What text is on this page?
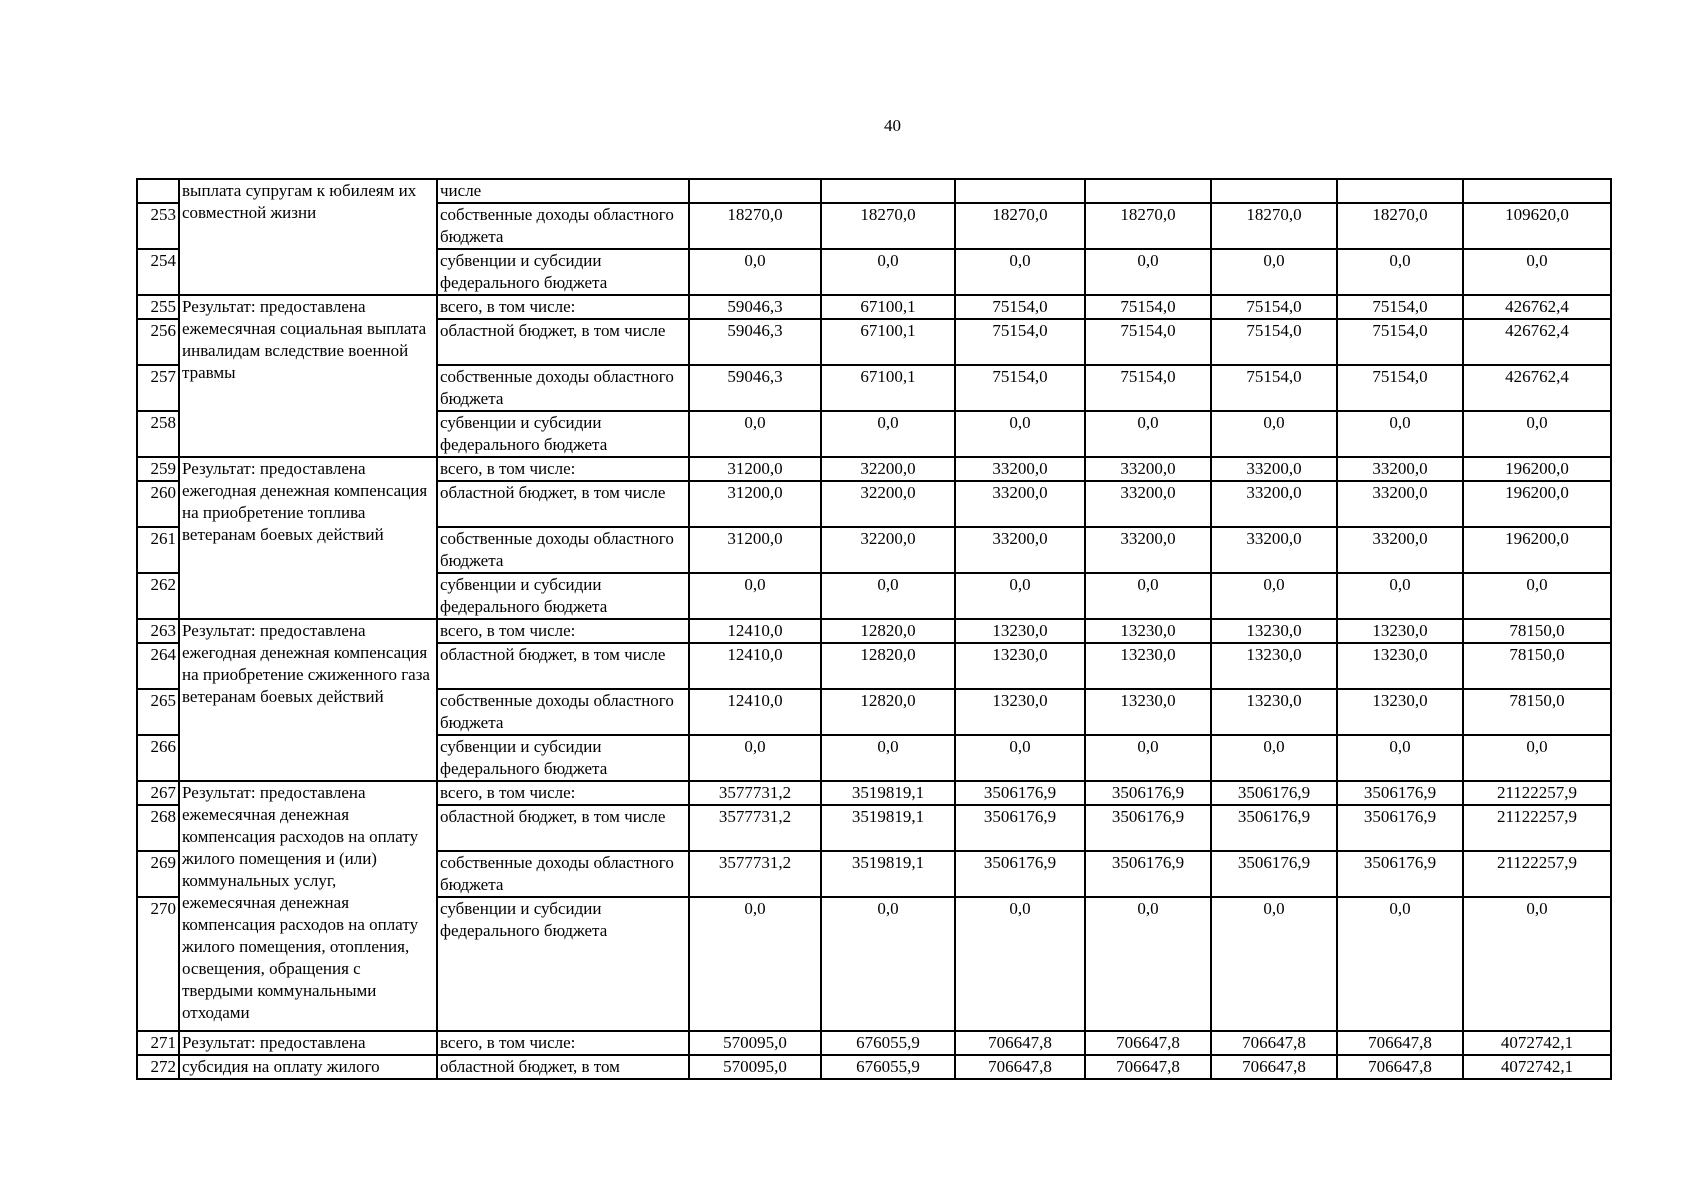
40
	выплата супругам к юбилеям их совместной жизни	числе							
253		собственные доходы областного бюджета	18270,0	18270,0	18270,0	18270,0	18270,0	18270,0	109620,0
254		субвенции и субсидии федерального бюджета	0,0	0,0	0,0	0,0	0,0	0,0	0,0
255	Результат: предоставлена ежемесячная социальная выплата инвалидам вследствие военной травмы	всего, в том числе:	59046,3	67100,1	75154,0	75154,0	75154,0	75154,0	426762,4
256		областной бюджет, в том числе	59046,3	67100,1	75154,0	75154,0	75154,0	75154,0	426762,4
257		собственные доходы областного бюджета	59046,3	67100,1	75154,0	75154,0	75154,0	75154,0	426762,4
258		субвенции и субсидии федерального бюджета	0,0	0,0	0,0	0,0	0,0	0,0	0,0
259	Результат: предоставлена ежегодная денежная компенсация на приобретение топлива ветеранам боевых действий	всего, в том числе:	31200,0	32200,0	33200,0	33200,0	33200,0	33200,0	196200,0
260		областной бюджет, в том числе	31200,0	32200,0	33200,0	33200,0	33200,0	33200,0	196200,0
261		собственные доходы областного бюджета	31200,0	32200,0	33200,0	33200,0	33200,0	33200,0	196200,0
262		субвенции и субсидии федерального бюджета	0,0	0,0	0,0	0,0	0,0	0,0	0,0
263	Результат: предоставлена ежегодная денежная компенсация на приобретение сжиженного газа ветеранам боевых действий	всего, в том числе:	12410,0	12820,0	13230,0	13230,0	13230,0	13230,0	78150,0
264		областной бюджет, в том числе	12410,0	12820,0	13230,0	13230,0	13230,0	13230,0	78150,0
265		собственные доходы областного бюджета	12410,0	12820,0	13230,0	13230,0	13230,0	13230,0	78150,0
266		субвенции и субсидии федерального бюджета	0,0	0,0	0,0	0,0	0,0	0,0	0,0
267	Результат: предоставлена ежемесячная денежная компенсация расходов на оплату жилого помещения и (или) коммунальных услуг, ежемесячная денежная компенсация расходов на оплату жилого помещения, отопления, освещения, обращения с твердыми коммунальными отходами	всего, в том числе:	3577731,2	3519819,1	3506176,9	3506176,9	3506176,9	3506176,9	21122257,9
268		областной бюджет, в том числе	3577731,2	3519819,1	3506176,9	3506176,9	3506176,9	3506176,9	21122257,9
269		собственные доходы областного бюджета	3577731,2	3519819,1	3506176,9	3506176,9	3506176,9	3506176,9	21122257,9
270		субвенции и субсидии федерального бюджета	0,0	0,0	0,0	0,0	0,0	0,0	0,0
271	Результат: предоставлена	всего, в том числе:	570095,0	676055,9	706647,8	706647,8	706647,8	706647,8	4072742,1
272	субсидия на оплату жилого	областной бюджет, в том	570095,0	676055,9	706647,8	706647,8	706647,8	706647,8	4072742,1
